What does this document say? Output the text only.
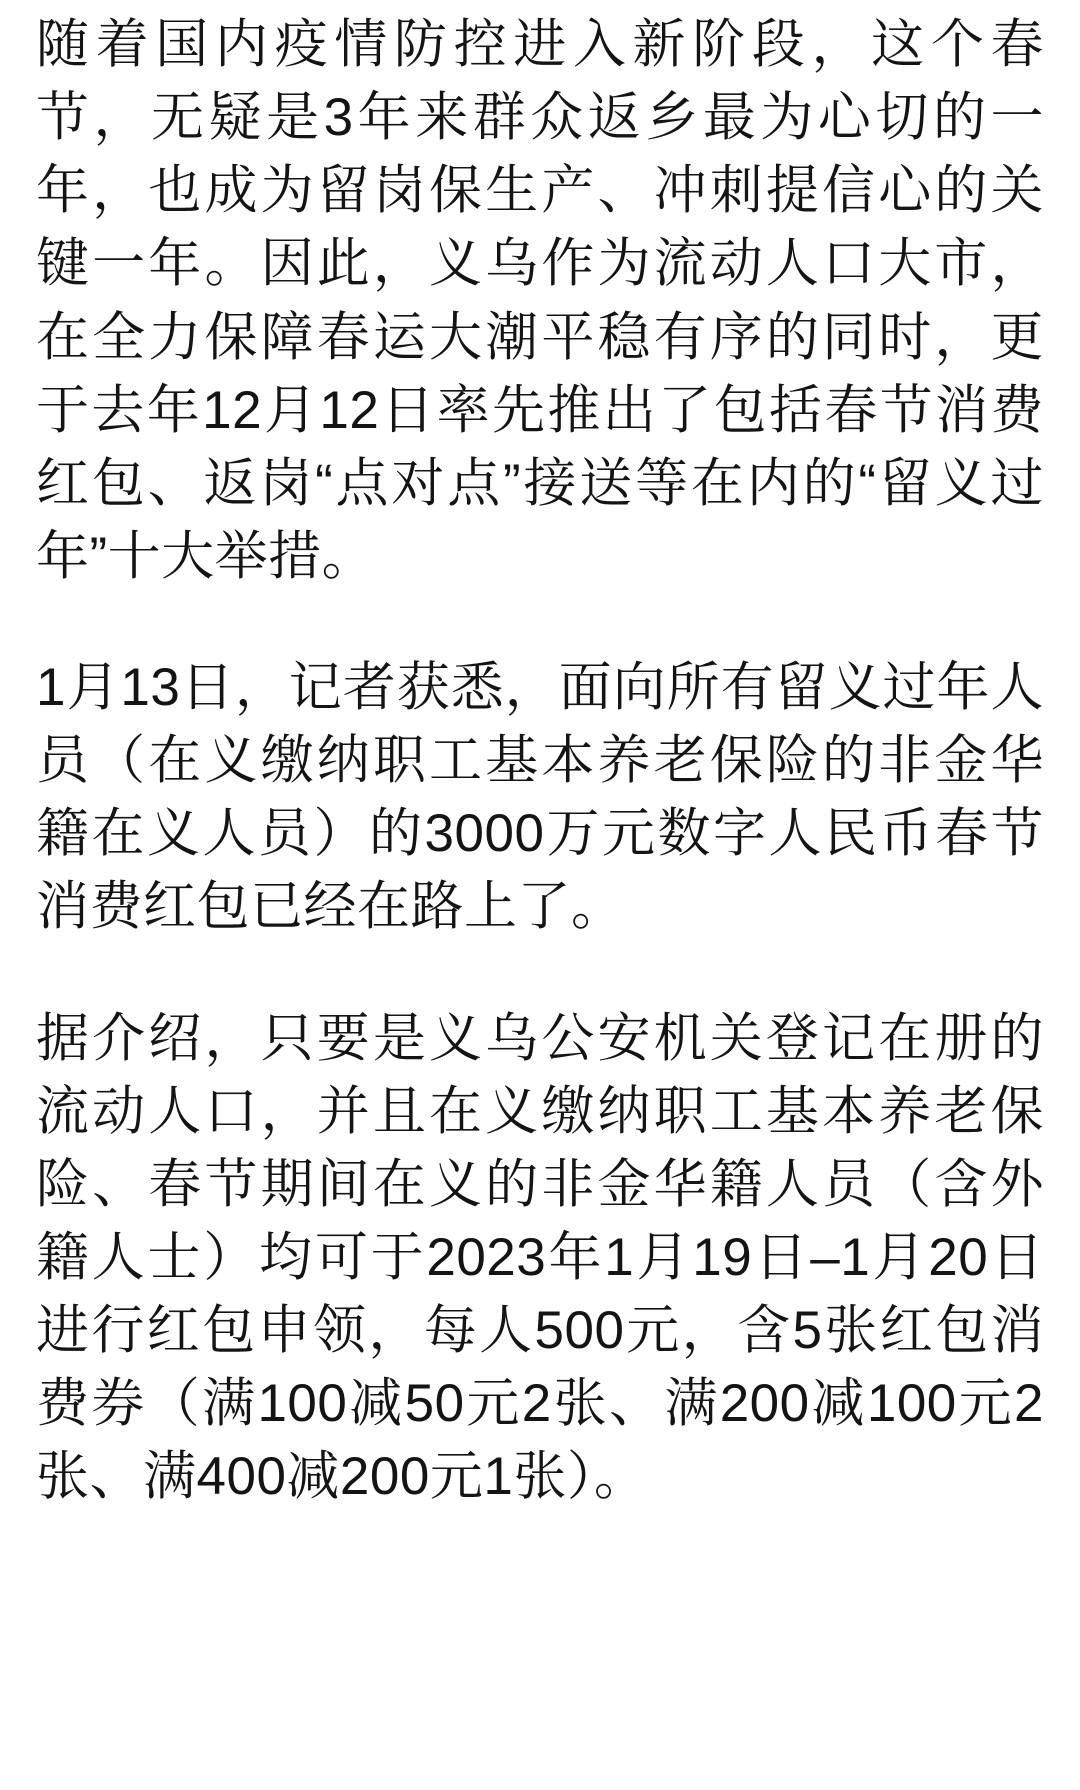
随着国内疫情防控进入新阶段，这个春节，无疑是3年来群众返乡最为心切的一年，也成为留岗保生产、冲刺提信心的关键一年。因此，义乌作为流动人口大市，在全力保障春运大潮平稳有序的同时，更于去年12月12日率先推出了包括春节消费红包、返岗“点对点”接送等在内的“留义过年”十大举措。

1月13日，记者获悉，面向所有留义过年人员（在义缴纳职工基本养老保险的非金华籍在义人员）的3000万元数字人民币春节消费红包已经在路上了。

据介绍，只要是义乌公安机关登记在册的流动人口，并且在义缴纳职工基本养老保险、春节期间在义的非金华籍人员（含外籍人士）均可于2023年1月19日–1月20日进行红包申领，每人500元，含5张红包消费券（满100减50元2张、满200减100元2张、满400减200元1张）。
